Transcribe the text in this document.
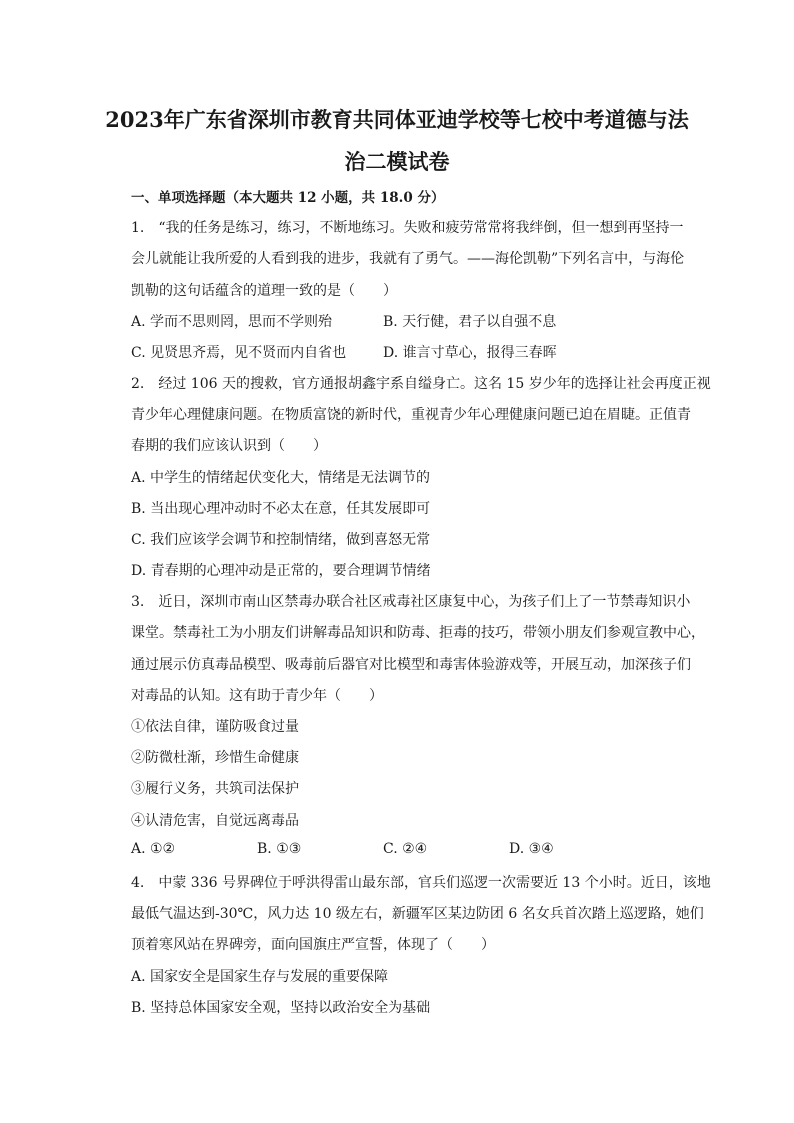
2023年广东省深圳市教育共同体亚迪学校等七校中考道德与法
治二模试卷
一、单项选择题（本大题共 12 小题，共 18.0 分）
1.　“我的任务是练习，练习，不断地练习。失败和疲劳常常将我绊倒，但一想到再坚持一
会儿就能让我所爱的人看到我的进步，我就有了勇气。——海伦凯勒”下列名言中，与海伦
凯勒的这句话蕴含的道理一致的是（　　）
A. 学而不思则罔，思而不学则殆	B. 天行健，君子以自强不息
C. 见贤思齐焉，见不贤而内自省也	D. 谁言寸草心，报得三春晖
2.　经过 106 天的搜救，官方通报胡鑫宇系自缢身亡。这名 15 岁少年的选择让社会再度正视
青少年心理健康问题。在物质富饶的新时代，重视青少年心理健康问题已迫在眉睫。正值青
春期的我们应该认识到（　　）
A. 中学生的情绪起伏变化大，情绪是无法调节的
B. 当出现心理冲动时不必太在意，任其发展即可
C. 我们应该学会调节和控制情绪，做到喜怒无常
D. 青春期的心理冲动是正常的，要合理调节情绪
3.　近日，深圳市南山区禁毒办联合社区戒毒社区康复中心，为孩子们上了一节禁毒知识小
课堂。禁毒社工为小朋友们讲解毒品知识和防毒、拒毒的技巧，带领小朋友们参观宣教中心，
通过展示仿真毒品模型、吸毒前后器官对比模型和毒害体验游戏等，开展互动，加深孩子们
对毒品的认知。这有助于青少年（　　）
①依法自律，谨防吸食过量
②防微杜渐，珍惜生命健康
③履行义务，共筑司法保护
④认清危害，自觉远离毒品
A. ①②	B. ①③	C. ②④	D. ③④
4.　中蒙 336 号界碑位于呼洪得雷山最东部，官兵们巡逻一次需要近 13 个小时。近日，该地
最低气温达到-30℃，风力达 10 级左右，新疆军区某边防团 6 名女兵首次踏上巡逻路，她们
顶着寒风站在界碑旁，面向国旗庄严宣誓，体现了（　　）
A. 国家安全是国家生存与发展的重要保障
B. 坚持总体国家安全观，坚持以政治安全为基础
